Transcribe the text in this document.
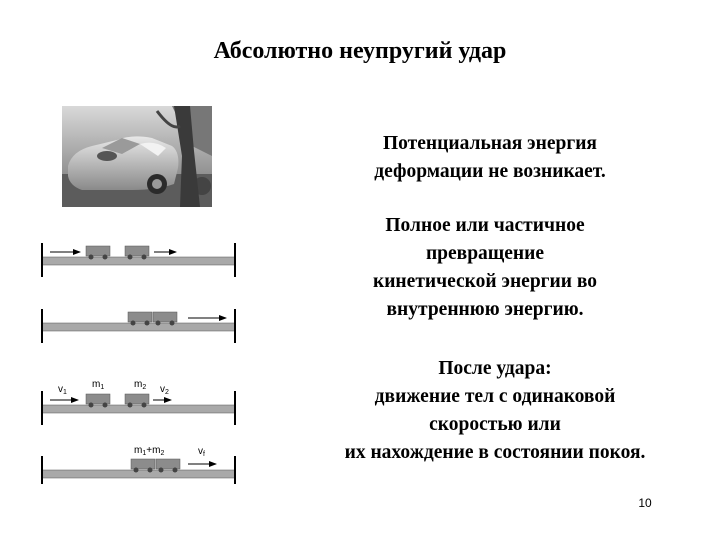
Абсолютно неупругий удар
Потенциальная энергия
деформации не возникает.
Полное или частичное
превращение
кинетической энергии во
внутреннюю энергию.
После удара:
движение тел с одинаковой
скоростью или
их нахождение в состоянии покоя.
$v_1$
$m_1$	$m_2$ $v_2$
$m_1+m_2$	$v_f$
10
